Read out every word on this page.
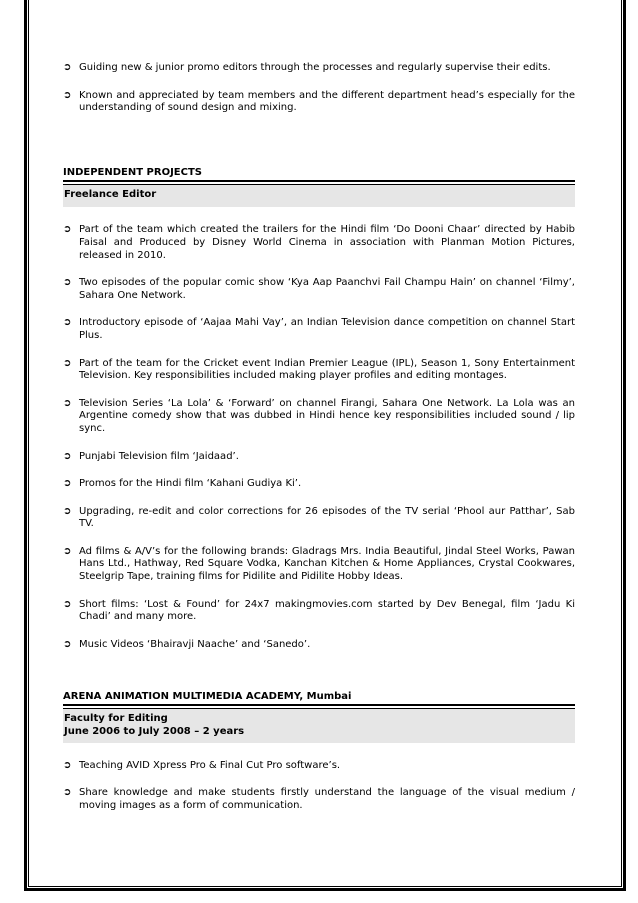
➲ Guiding new & junior promo editors through the processes and regularly supervise their edits.
➲ Known and appreciated by team members and the different department head’s especially for the understanding of sound design and mixing.
INDEPENDENT PROJECTS
Freelance Editor
➲ Part of the team which created the trailers for the Hindi film ‘Do Dooni Chaar’ directed by Habib Faisal and Produced by Disney World Cinema in association with Planman Motion Pictures, released in 2010.
➲ Two episodes of the popular comic show ‘Kya Aap Paanchvi Fail Champu Hain’ on channel ‘Filmy’, Sahara One Network.
➲ Introductory episode of ‘Aajaa Mahi Vay’, an Indian Television dance competition on channel Start Plus.
➲ Part of the team for the Cricket event Indian Premier League (IPL), Season 1, Sony Entertainment Television. Key responsibilities included making player profiles and editing montages.
➲ Television Series ‘La Lola’ & ‘Forward’ on channel Firangi, Sahara One Network. La Lola was an Argentine comedy show that was dubbed in Hindi hence key responsibilities included sound / lip sync.
➲ Punjabi Television film ‘Jaidaad’.
➲ Promos for the Hindi film ‘Kahani Gudiya Ki’.
➲ Upgrading, re-edit and color corrections for 26 episodes of the TV serial ‘Phool aur Patthar’, Sab TV.
➲ Ad films & A/V’s for the following brands: Gladrags Mrs. India Beautiful, Jindal Steel Works, Pawan Hans Ltd., Hathway, Red Square Vodka, Kanchan Kitchen & Home Appliances, Crystal Cookwares, Steelgrip Tape, training films for Pidilite and Pidilite Hobby Ideas.
➲ Short films: ‘Lost & Found’ for 24x7 makingmovies.com started by Dev Benegal, film ‘Jadu Ki Chadi’ and many more.
➲ Music Videos ‘Bhairavji Naache’ and ‘Sanedo’.
ARENA ANIMATION MULTIMEDIA ACADEMY, Mumbai
Faculty for Editing
June 2006 to July 2008 – 2 years
➲ Teaching AVID Xpress Pro & Final Cut Pro software’s.
➲ Share knowledge and make students firstly understand the language of the visual medium / moving images as a form of communication.
